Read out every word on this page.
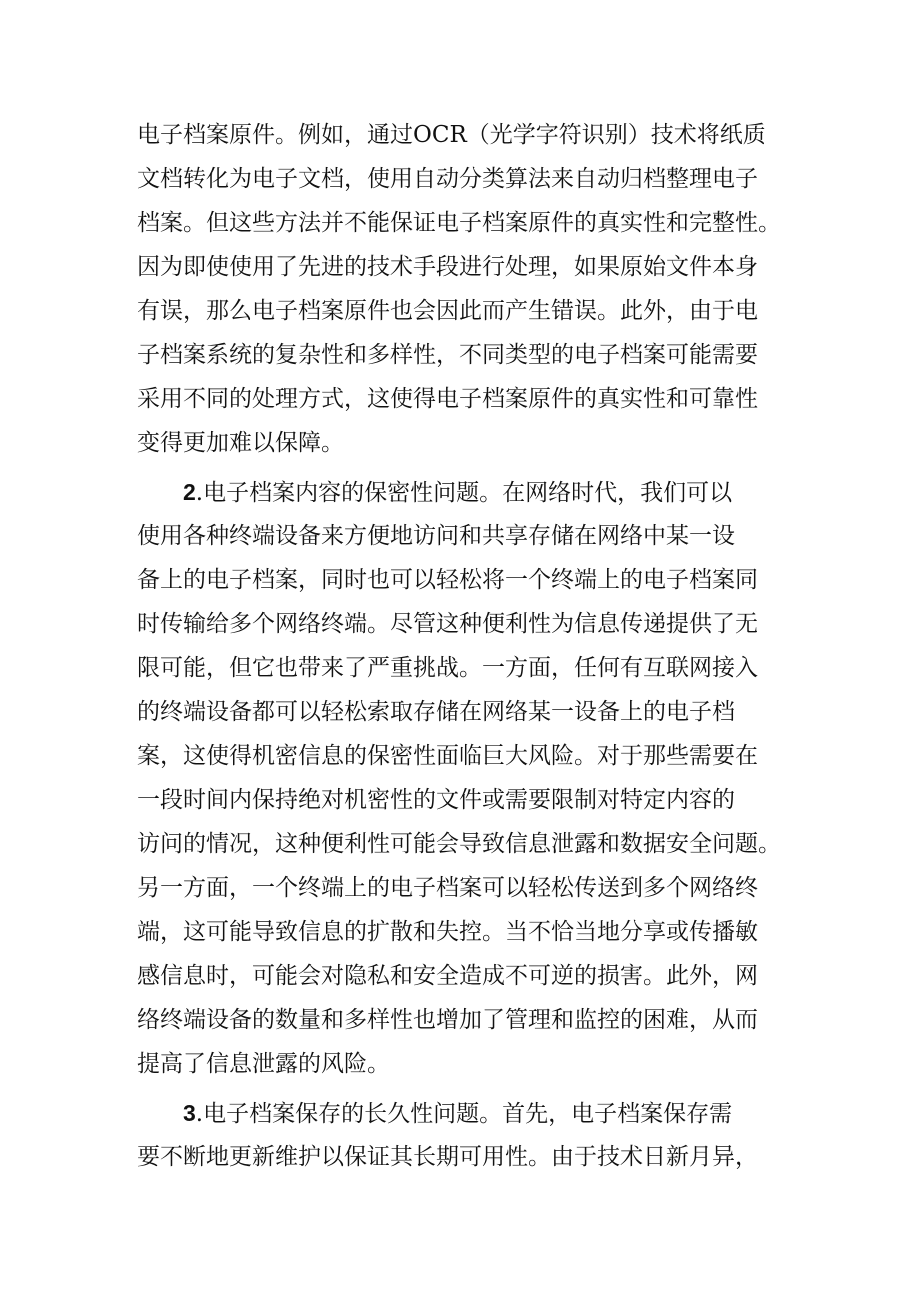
电子档案原件。例如，通过OCR（光学字符识别）技术将纸质
文档转化为电子文档，使用自动分类算法来自动归档整理电子
档案。但这些方法并不能保证电子档案原件的真实性和完整性。
因为即使使用了先进的技术手段进行处理，如果原始文件本身
有误，那么电子档案原件也会因此而产生错误。此外，由于电
子档案系统的复杂性和多样性，不同类型的电子档案可能需要
采用不同的处理方式，这使得电子档案原件的真实性和可靠性
变得更加难以保障。
2.电子档案内容的保密性问题。在网络时代，我们可以
使用各种终端设备来方便地访问和共享存储在网络中某一设
备上的电子档案，同时也可以轻松将一个终端上的电子档案同
时传输给多个网络终端。尽管这种便利性为信息传递提供了无
限可能，但它也带来了严重挑战。一方面，任何有互联网接入
的终端设备都可以轻松索取存储在网络某一设备上的电子档
案，这使得机密信息的保密性面临巨大风险。对于那些需要在
一段时间内保持绝对机密性的文件或需要限制对特定内容的
访问的情况，这种便利性可能会导致信息泄露和数据安全问题。
另一方面，一个终端上的电子档案可以轻松传送到多个网络终
端，这可能导致信息的扩散和失控。当不恰当地分享或传播敏
感信息时，可能会对隐私和安全造成不可逆的损害。此外，网
络终端设备的数量和多样性也增加了管理和监控的困难，从而
提高了信息泄露的风险。
3.电子档案保存的长久性问题。首先，电子档案保存需
要不断地更新维护以保证其长期可用性。由于技术日新月异，
